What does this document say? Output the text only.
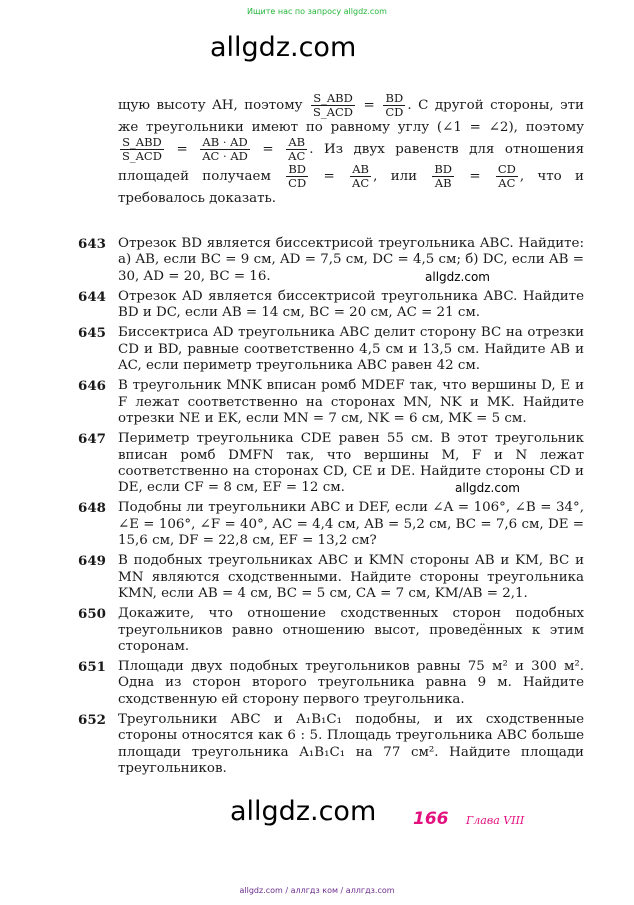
Ищите нас по запросу allgdz.com
allgdz.com

щую высоту AH, поэтому $\frac{\text{S\_ABD}}{\text{S\_ACD}} = \frac{BD}{CD}$ . С другой стороны, эти же треугольники имеют по равному углу (∠1 = ∠2), поэтому
$\frac{\text{S\_ABD}}{\text{S\_ACD}} = \frac{AB \cdot AD}{AC \cdot AD} = \frac{AB}{AC}$ . Из двух равенств для отношения площадей получаем $\frac{BD}{CD} = \frac{AB}{AC}$ , или $\frac{BD}{AB} = \frac{CD}{AC}$ , что и требовалось доказать.

643 Отрезок BD является биссектрисой треугольника ABC. Найдите: а) AB, если BC = 9 см, AD = 7,5 см, DC = 4,5 см; б) DC, если AB = 30, AD = 20, BC = 16.
644 Отрезок AD является биссектрисой треугольника ABC. Найдите BD и DC, если AB = 14 см, BC = 20 см, AC = 21 см.
645 Биссектриса AD треугольника ABC делит сторону BC на отрезки CD и BD, равные соответственно 4,5 см и 13,5 см. Найдите AB и AC, если периметр треугольника ABC равен 42 см.
646 В треугольник MNK вписан ромб MDEF так, что вершины D, E и F лежат соответственно на сторонах MN, NK и MK. Найдите отрезки NE и EK, если MN = 7 см, NK = 6 см, MK = 5 см.
647 Периметр треугольника CDE равен 55 см. В этот треугольник вписан ромб DMFN так, что вершины M, F и N лежат соответственно на сторонах CD, CE и DE. Найдите стороны CD и DE, если CF = 8 см, EF = 12 см.
648 Подобны ли треугольники ABC и DEF, если ∠A = 106°, ∠B = 34°, ∠E = 106°, ∠F = 40°, AC = 4,4 см, AB = 5,2 см, BC = 7,6 см, DE = 15,6 см, DF = 22,8 см, EF = 13,2 см?
649 В подобных треугольниках ABC и KMN стороны AB и KM, BC и MN являются сходственными. Найдите стороны треугольника KMN, если AB = 4 см, BC = 5 см, CA = 7 см, KM/AB = 2,1.
650 Докажите, что отношение сходственных сторон подобных треугольников равно отношению высот, проведённых к этим сторонам.
651 Площади двух подобных треугольников равны 75 м² и 300 м². Одна из сторон второго треугольника равна 9 м. Найдите сходственную ей сторону первого треугольника.
652 Треугольники ABC и A₁B₁C₁ подобны, и их сходственные стороны относятся как 6 : 5. Площадь треугольника ABC больше площади треугольника A₁B₁C₁ на 77 см². Найдите площади треугольников.
allgdz.com
allgdz.com
allgdz.com 166 Глава VIII
allgdz.com / аллгдз ком / аллгдз.com
